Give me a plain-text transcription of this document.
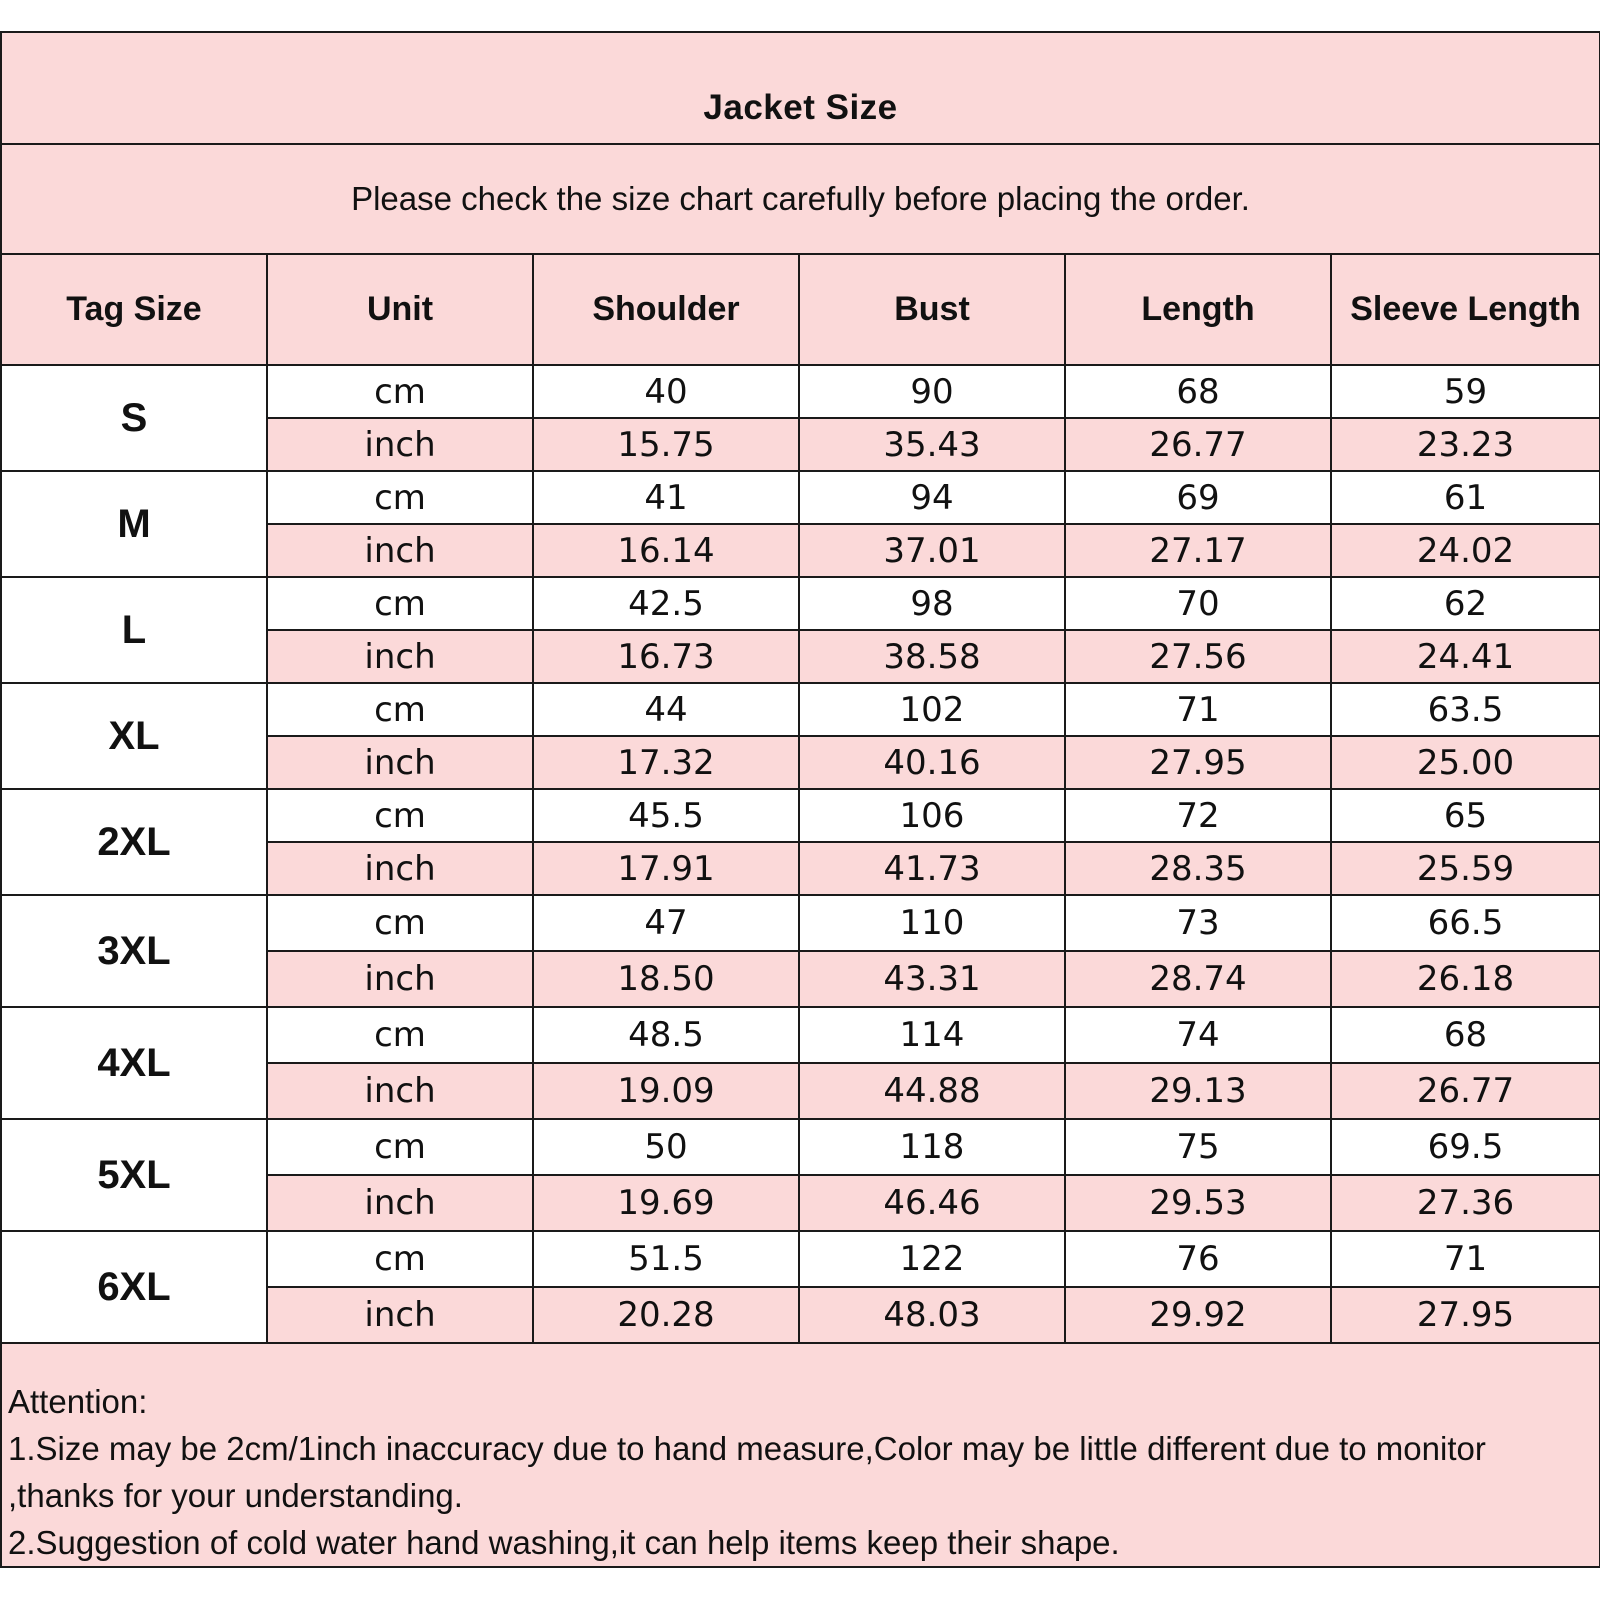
Jacket Size					
Please check the size chart carefully before placing the order.					
Tag Size	Unit	Shoulder	Bust	Length	Sleeve Length
S	cm	40	90	68	59
	inch	15.75	35.43	26.77	23.23
M	cm	41	94	69	61
	inch	16.14	37.01	27.17	24.02
L	cm	42.5	98	70	62
	inch	16.73	38.58	27.56	24.41
XL	cm	44	102	71	63.5
	inch	17.32	40.16	27.95	25.00
2XL	cm	45.5	106	72	65
	inch	17.91	41.73	28.35	25.59
3XL	cm	47	110	73	66.5
	inch	18.50	43.31	28.74	26.18
4XL	cm	48.5	114	74	68
	inch	19.09	44.88	29.13	26.77
5XL	cm	50	118	75	69.5
	inch	19.69	46.46	29.53	27.36
6XL	cm	51.5	122	76	71
	inch	20.28	48.03	29.92	27.95

Attention:
1.Size may be 2cm/1inch inaccuracy due to hand measure,Color may be little different due to monitor ,thanks for your understanding.
2.Suggestion of cold water hand washing,it can help items keep their shape.					
